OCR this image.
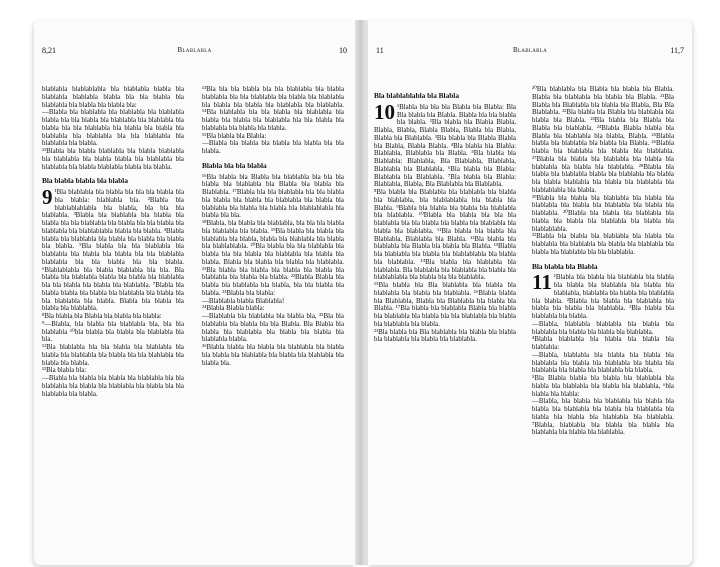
8,21	Blablabla	10

blablabla blablablabla bla blablabla blabla bla blablabla blablabla blabla bla bla blabla bla blablabla bla blabla bla blabla bla:

—Blabla bla blablabla bla blablabla bla blablabla blabla bla bla blabla bla blablabla bla blablabla bla blabla bla bla blablabla bla blabla bla blabla bla blablabla bla blablabla bla bla blablabla bla blablabla bla blabla.

²¹Blabla bla blabla blablabla bla blabla blablabla bla blablabla bla blabla blabla bla blablabla bla blablabla bla blabla blablabla blabla bla blabla.

Bla blabla blabla bla blabla

9 ¹Bla blablabla bla blabla bla bla bla blabla bla bla blabla: blablabla bla. ²Blabla bla blablablablabla bla blabla, bla bla bla blablabla. ³Blabla bla blablabla bla blabla bla blabla bla bla blablabla bla blabla bla bla blabla bla blablabla bla blablablabla blabla bla blabla. ⁴Blabla blabla bla blablabla bla blabla bla blabla bla blabla bla blabla. ⁵Bla blabla bla bla blablabla bla blablabla bla blabla bla blabla bla bla blablabla blablabla bla bla blabla bla bla blabla. ⁶Blablablabla bla blabla blablabla bla bla. Bla blabla bla blablabla blabla bla blabla bla blablabla bla bla blabla bla blabla bla blablabla. ⁷Blabla bla blabla blabla bla blabla bla blablabla bla blabla bla bla blablabla bla blabla. Blabla bla blabla bla blabla bla blablabla.

⁸Bla blabla bla Blabla bla blabla bla blabla:

⁹—Blabla, bla blabla bla blablabla bla, bla bla blablabla ¹⁰bla blabla bla blabla bla blablabla bla bla.

¹¹Bla blablabla bla bla blabla bla blablabla bla blabla bla blablabla bla blabla bla bla blablabla bla blabla bla blabla.

¹²Bla blabla bla:

—Blabla bla blabla bla blabla bla blablabla bla bla blablabla bla blabla bla blablabla bla blabla bla bla blablabla bla blabla.

¹³Bla bla bla blabla bla bla blablabla bla blabla blablabla bla bla blablabla bla blabla bla blablabla bla blabla bla blabla bla blablabla bla blablabla. ¹⁴Bla blablabla bla bla blabla bla blablabla bla blabla bla blabla bla blablabla bla bla blabla bla blablabla bla blabla bla blabla.

¹⁵Bla blabla bla Blabla:

—Blabla bla blabla bla blabla bla blabla bla bla blabla.

Blabla bla bla blabla

¹⁶Bla blabla bla Blabla bla blablabla bla bla bla blabla bla blablabla bla Blabla bla blabla bla Blablabla. ¹⁷Blabla bla bla blablabla bla bla blabla bla blabla bla blabla bla blablabla bla blabla bla blablabla bla blabla bla blabla bla blablablabla bla blabla bla bla.

¹⁸Blabla, bla blabla bla blablabla, bla bla bla blabla bla blablabla bla blabla. ¹⁹Bla blabla bla blabla bla blablabla bla blabla, blabla bla blablabla bla blabla bla blablablabla. ²⁰Bla blabla bla bla blablabla bla blabla bla bla blabla bla blablabla bla blabla bla blabla. Blabla bla blabla bla blabla bla blablabla. ²¹Bla blabla bla blabla bla blabla bla blabla bla blablabla bla blabla bla blabla. ²²Blabla Blabla bla blabla bla blablabla bla blabla, bla bla blabla bla blabla. ²³Blabla bla blabla:

—Blablabla blabla Blablabla!

²⁴Blabla Blabla blabla:

—Blablabla bla blablabla bla blabla bla, ²⁵Bla bla blablabla bla blabla bla bla Blabla. Bla Blabla bla blabla bla blablabla bla blabla bla blabla bla blablabla blabla.

²⁶Blabla blabla bla blabla bla blablabla bla blabla bla blabla bla blablabla bla blabla bla blablabla bla blabla bla.

11	Blablabla	11,7
Bla blablablabla bla Blabla

10 ¹Blabla bla bla bla Blabla bla Blabla: Bla Bla blabla bla Blabla. Blabla bla bla blabla bla blabla. ²Bla blabla bla Blabla Blabla, Blabla, Blabla, Blabla Blabla, Blabla bla Blabla, Blabla bla Blablabla. ³Bla blabla bla Blabla Blabla bla Blabla, Blabla Blabla. ⁴Bla blabla bla Blabla: Blablabla, Blablabla bla Blabla. ⁵Bla blabla bla Blablabla: Blablabla, Bla Blablabla, Blablabla, Blablabla bla Blablabla. ⁶Bla blabla bla Blabla: Blablabla bla Blablabla. ⁷Bla blabla bla Blabla: Blablabla, Blabla, Bla Blablabla bla Blablabla.

⁸Bla blabla bla Blablabla bla blablabla bla blabla bla blablabla, bla blablablabla bla blabla bla Blabla. ⁹Blabla bla blabla bla blabla bla blablabla bla blablabla. ¹⁰Blabla bla blabla bla bla bla blablabla bla bla blabla bla blabla bla blablabla bla blabla bla blablabla. ¹¹Bla blabla bla blabla bla Blablabla, Blablabla bla Blabla. ¹²Bla blabla bla blablabla bla Blabla bla blabla bla Blabla. ¹³Blabla bla blablabla bla blabla bla blablablabla bla blabla bla blablabla. ¹⁴Bla blabla bla blablabla bla blablabla. Bla blablabla bla blablabla bla blabla bla blablablabla bla blabla bla bla blablabla.

¹⁵Bla blabla bla Bla blablabla bla blabla bla blablabla bla blabla bla blablabla. ¹⁶Blabla blabla bla Blablabla, Blabla bla Blablabla bla blabla bla Blabla. ¹⁷Bla blabla bla blablabla Blabla bla blabla bla blablabla bla blabla bla bla blablabla bla blabla bla blablabla bla blabla.

²¹Bla blabla bla Bla blablabla bla blabla bla blabla bla blablabla bla blabla bla blablabla.

²⁰Bla blablabla bla Blabla bla blabla bla Blabla. Blabla bla blablabla bla blabla bla Blabla. ²¹Bla Blabla bla Blablabla bla blabla bla Blabla, Bla Bla Blablabla. ²²Bla blabla bla Blabla bla blablabla bla blabla bla Blabla. ²³Bla blabla bla Blabla bla Blabla bla blablabla. ²⁴Blabla Blabla blabla bla Blabla bla blablabla bla blabla, Blabla. ²⁵Blabla blabla bla blablabla bla blabla bla Blabla. ²⁶Blabla blabla bla blablabla bla blabla bla blablabla. ²⁷Blabla bla blabla bla blablabla bla blabla bla blablabla bla blabla bla blablabla. ²⁸Blabla bla blabla bla blablabla blabla bla blablabla bla blabla bla blabla blablabla bla blabla bla blablabla bla blablablabla bla blabla.

²⁹Blabla bla blabla bla blablabla bla blabla bla blablabla bla blabla bla blablabla bla blabla bla blablabla. ³⁰Blabla bla blabla bla blablabla bla blabla bla blabla bla blablabla bla blabla bla blablablabla.

³¹Blabla bla blabla bla blablabla bla blabla bla blablabla bla blablabla bla blabla bla blablabla bla blabla bla blablabla bla bla blablabla.

Bla blabla bla Blabla

11 ¹Blabla bla blabla bla blablabla bla blabla bla blabla bla blablabla bla blabla bla blablabla, blablabla bla blabla bla blablabla bla blabla. ²Blabla bla blabla bla blablabla bla blabla bla blabla bla blablabla. ³Bla blabla bla blablabla bla blabla.

—Blabla, blablabla blablabla bla blabla bla blablabla bla blabla bla blabla bla blablabla.

⁴Blabla blablabla bla blabla bla blabla bla blablabla:

—Blabla, blablabla bla blabla bla blabla bla blablabla bla blabla bla blablabla bla blabla bla blablabla bla blabla bla blablabla bla blabla.

⁵Bla Blabla blabla bla blabla bla blablabla bla blabla bla blablabla bla blabla bla blablabla, ⁶bla blabla bla blabla:

—Blabla, bla blabla bla blablabla bla blabla bla blabla bla blablabla bla blabla bla blablabla bla blabla bla blabla bla blablabla bla blablabla. ⁷Blabla, blablabla bla blabla bla blabla bla blablabla bla blabla bla blablabla.
